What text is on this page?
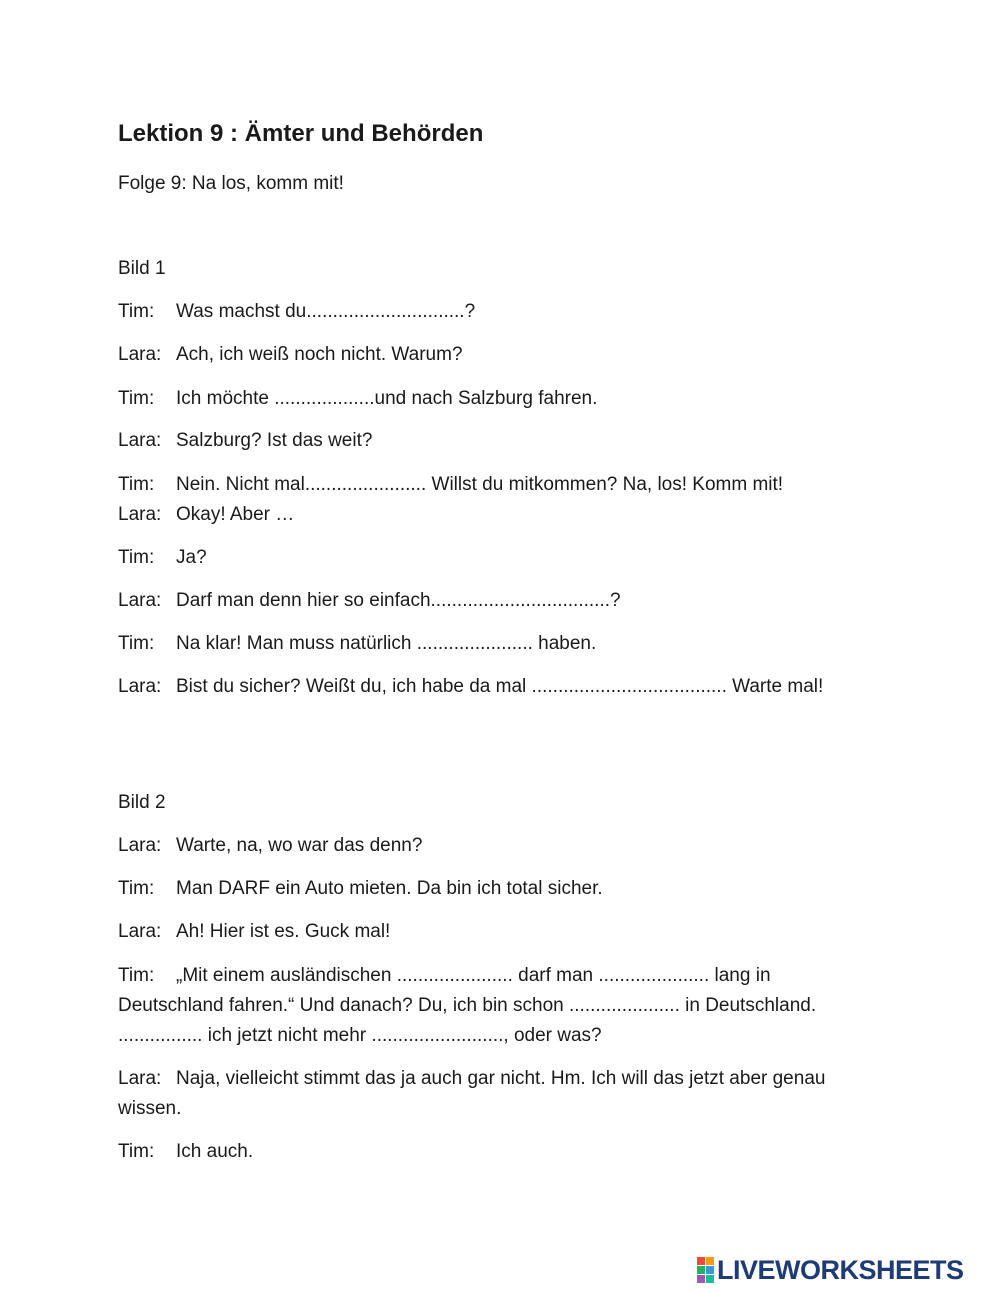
Lektion 9 : Ämter und Behörden
Folge 9: Na los, komm mit!
Bild 1
Tim: Was machst du..............................?
Lara: Ach, ich weiß noch nicht. Warum?
Tim: Ich möchte ...................und nach Salzburg fahren.
Lara: Salzburg? Ist das weit?
Tim: Nein. Nicht mal....................... Willst du mitkommen? Na, los! Komm mit!
Lara: Okay! Aber …
Tim: Ja?
Lara: Darf man denn hier so einfach..................................?
Tim: Na klar! Man muss natürlich ...................... haben.
Lara: Bist du sicher? Weißt du, ich habe da mal ..................................... Warte mal!
Bild 2
Lara: Warte, na, wo war das denn?
Tim: Man DARF ein Auto mieten. Da bin ich total sicher.
Lara: Ah! Hier ist es. Guck mal!
Tim: „Mit einem ausländischen ...................... darf man ..................... lang in Deutschland fahren.“ Und danach? Du, ich bin schon ..................... in Deutschland. ................ ich jetzt nicht mehr ........................., oder was?
Lara: Naja, vielleicht stimmt das ja auch gar nicht. Hm. Ich will das jetzt aber genau wissen.
Tim: Ich auch.
LIVEWORKSHEETS
